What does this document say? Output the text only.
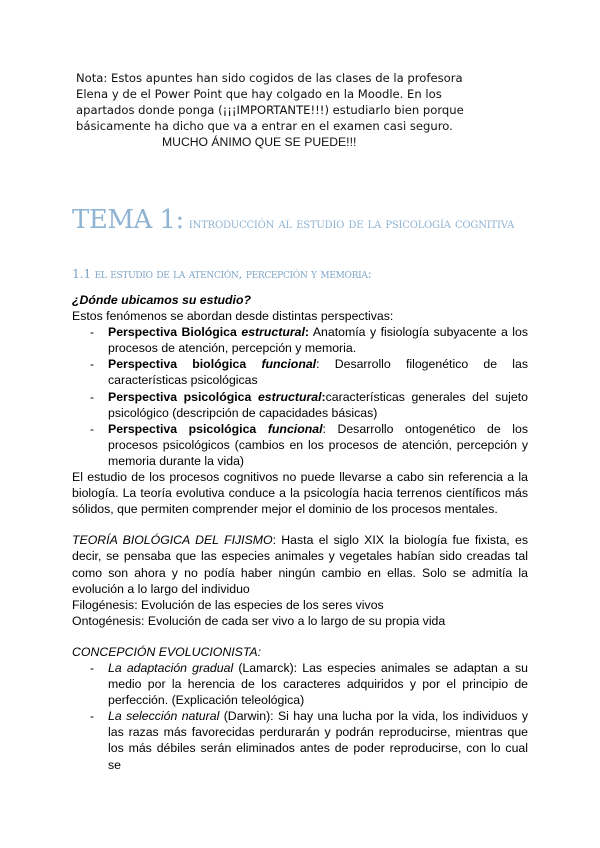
Nota: Estos apuntes han sido cogidos de las clases de la profesora
Elena y de el Power Point que hay colgado en la Moodle. En los
apartados donde ponga (¡¡¡IMPORTANTE!!!) estudiarlo bien porque
básicamente ha dicho que va a entrar en el examen casi seguro.
MUCHO ÁNIMO QUE SE PUEDE!!!
TEMA 1: introducción al estudio de la psicología cognitiva
1.1 el estudio de la atención, percepción y memoria:

¿Dónde ubicamos su estudio?

Estos fenómenos se abordan desde distintas perspectivas:

- Perspectiva Biológica estructural: Anatomía y fisiología subyacente a los procesos de atención, percepción y memoria.
- Perspectiva biológica funcional: Desarrollo filogenético de las características psicológicas
- Perspectiva psicológica estructural:características generales del sujeto psicológico (descripción de capacidades básicas)
- Perspectiva psicológica funcional: Desarrollo ontogenético de los procesos psicológicos (cambios en los procesos de atención, percepción y memoria durante la vida)

El estudio de los procesos cognitivos no puede llevarse a cabo sin referencia a la biología. La teoría evolutiva conduce a la psicología hacia terrenos científicos más sólidos, que permiten comprender mejor el dominio de los procesos mentales.

TEORÍA BIOLÓGICA DEL FIJISMO: Hasta el siglo XIX la biología fue fixista, es decir, se pensaba que las especies animales y vegetales habían sido creadas tal como son ahora y no podía haber ningún cambio en ellas. Solo se admitía la evolución a lo largo del individuo

Filogénesis: Evolución de las especies de los seres vivos

Ontogénesis: Evolución de cada ser vivo a lo largo de su propia vida

CONCEPCIÓN EVOLUCIONISTA:

- La adaptación gradual (Lamarck): Las especies animales se adaptan a su medio por la herencia de los caracteres adquiridos y por el principio de perfección. (Explicación teleológica)
- La selección natural (Darwin): Si hay una lucha por la vida, los individuos y las razas más favorecidas perdurarán y podrán reproducirse, mientras que los más débiles serán eliminados antes de poder reproducirse, con lo cual se
